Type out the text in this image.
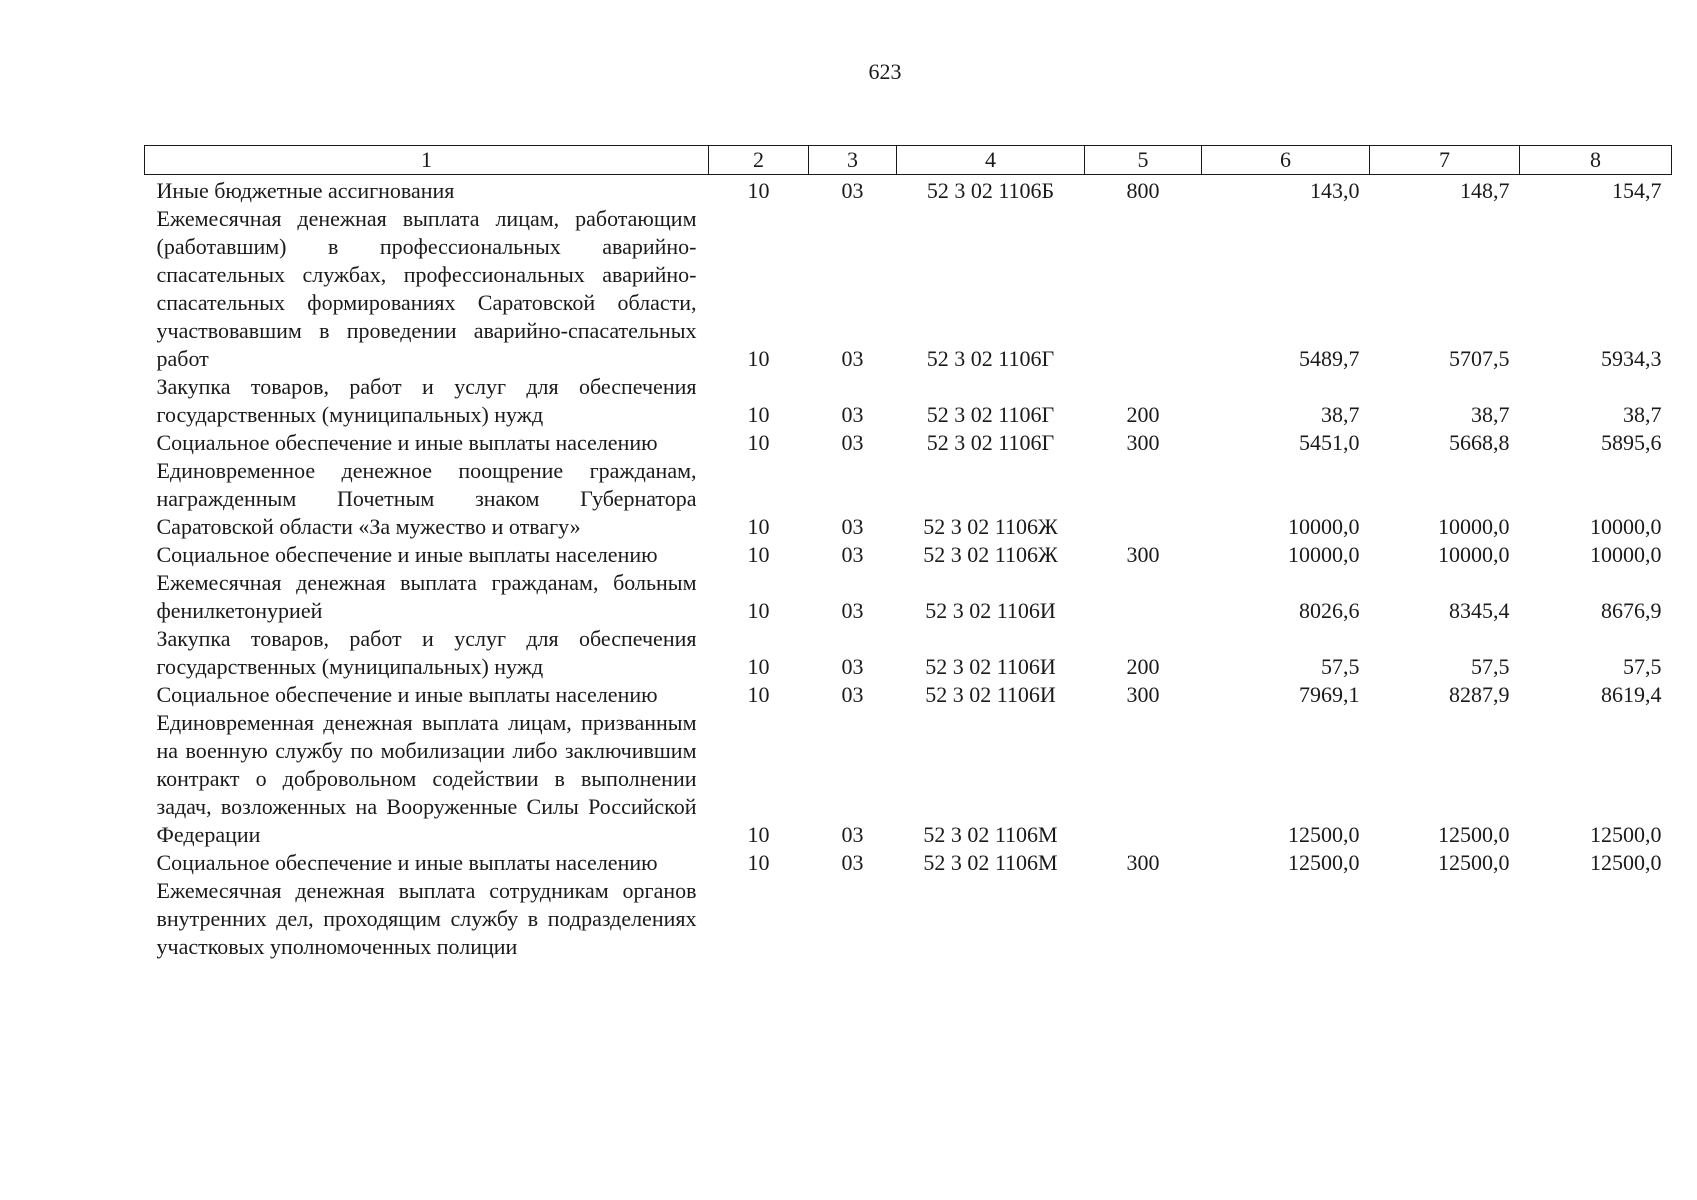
623
1	2	3	4	5	6	7	8
Иные бюджетные ассигнования	10	03	52 3 02 1106Б	800	143,0	148,7	154,7
Ежемесячная денежная выплата лицам, работающим (работавшим) в профессиональных аварийно-спасательных службах, профессиональных аварийно-спасательных формированиях Саратовской области, участвовавшим в проведении аварийно-спасательных работ	10	03	52 3 02 1106Г		5489,7	5707,5	5934,3
Закупка товаров, работ и услуг для обеспечения государственных (муниципальных) нужд	10	03	52 3 02 1106Г	200	38,7	38,7	38,7
Социальное обеспечение и иные выплаты населению	10	03	52 3 02 1106Г	300	5451,0	5668,8	5895,6
Единовременное денежное поощрение гражданам, награжденным Почетным знаком Губернатора Саратовской области «За мужество и отвагу»	10	03	52 3 02 1106Ж		10000,0	10000,0	10000,0
Социальное обеспечение и иные выплаты населению	10	03	52 3 02 1106Ж	300	10000,0	10000,0	10000,0
Ежемесячная денежная выплата гражданам, больным фенилкетонурией	10	03	52 3 02 1106И		8026,6	8345,4	8676,9
Закупка товаров, работ и услуг для обеспечения государственных (муниципальных) нужд	10	03	52 3 02 1106И	200	57,5	57,5	57,5
Социальное обеспечение и иные выплаты населению	10	03	52 3 02 1106И	300	7969,1	8287,9	8619,4
Единовременная денежная выплата лицам, призванным на военную службу по мобилизации либо заключившим контракт о добровольном содействии в выполнении задач, возложенных на Вооруженные Силы Российской Федерации	10	03	52 3 02 1106М		12500,0	12500,0	12500,0
Социальное обеспечение и иные выплаты населению	10	03	52 3 02 1106М	300	12500,0	12500,0	12500,0
Ежемесячная денежная выплата сотрудникам органов внутренних дел, проходящим службу в подразделениях участковых уполномоченных полиции							
